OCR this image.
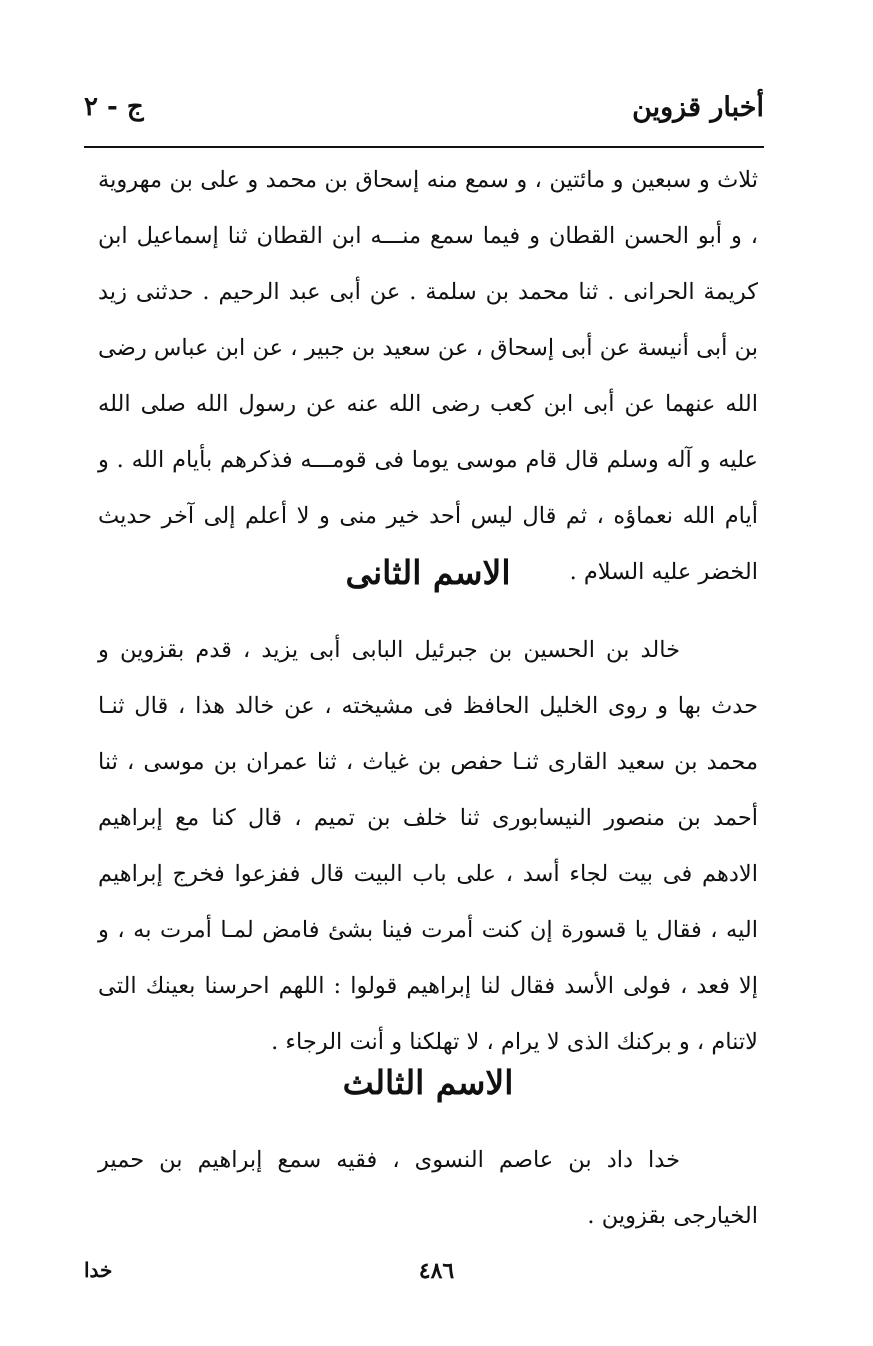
أخبار قزوين
ج - ٢

ثلاث و سبعين و مائتين ، و سمع منه إسحاق بن محمد و على بن مهروية ، و أبو الحسن القطان و فيما سمع منـــه ابن القطان ثنا إسماعيل ابن كريمة الحرانى . ثنا محمد بن سلمة . عن أبى عبد الرحيم . حدثنى زيد بن أبى أنيسة عن أبى إسحاق ، عن سعيد بن جبير ، عن ابن عباس رضى الله عنهما عن أبى ابن كعب رضى الله عنه عن رسول الله صلى الله عليه و آله وسلم قال قام موسى يوما فى قومـــه فذكرهم بأيام الله . و أيام الله نعماؤه ، ثم قال ليس أحد خير منى و لا أعلم إلى آخر حديث الخضر عليه السلام .

الاسم الثانى

خالد بن الحسين بن جبرئيل البابى أبى يزيد ، قدم بقزوين و حدث بها و روى الخليل الحافظ فى مشيخته ، عن خالد هذا ، قال ثنـا محمد بن سعيد القارى ثنـا حفص بن غياث ، ثنا عمران بن موسى ، ثنا أحمد بن منصور النيسابورى ثنا خلف بن تميم ، قال كنا مع إبراهيم الادهم فى بيت لجاء أسد ، على باب البيت قال ففزعوا فخرج إبراهيم اليه ، فقال يا قسورة إن كنت أمرت فينا بشئ فامض لمـا أمرت به ، و إلا فعد ، فولى الأسد فقال لنا إبراهيم قولوا : اللهم احرسنا بعينك التى لاتنام ، و بركنك الذى لا يرام ، لا تهلكنا و أنت الرجاء .

الاسم الثالث

خدا داد بن عاصم النسوى ، فقيه سمع إبراهيم بن حمير الخيارجى بقزوين .

٤٨٦
خدا
